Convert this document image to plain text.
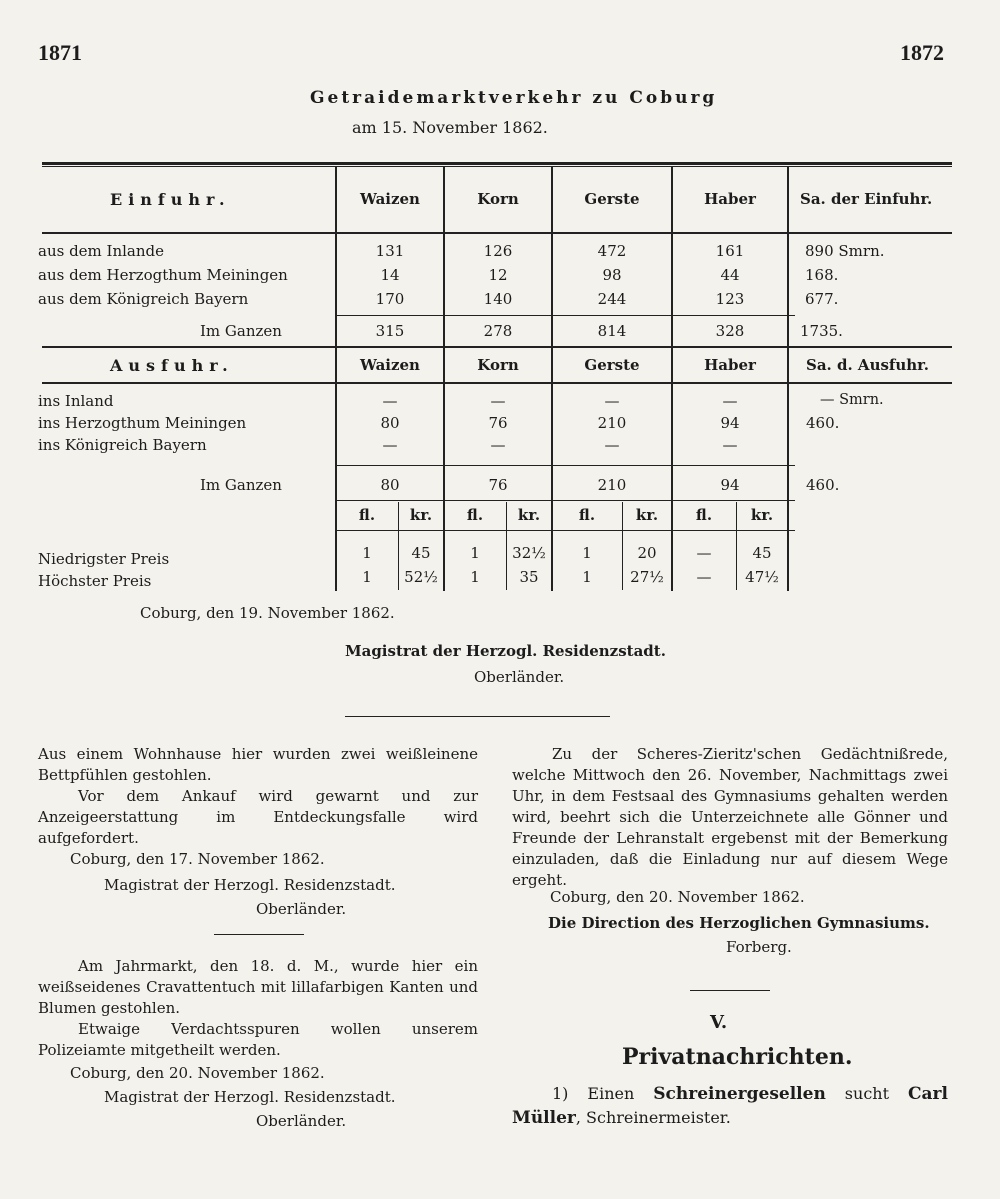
1871	1872
Getraidemarktverkehr zu Coburg
am 15. November 1862.
Einfuhr.	Waizen	Korn	Gerste	Haber	Sa. der Einfuhr.
aus dem Inlande	131	126	472	161	890 Smrn.
aus dem Herzogthum Meiningen	14	12	98	44	168.
aus dem Königreich Bayern	170	140	244	123	677.
Im Ganzen	315	278	814	328	1735.
Ausfuhr.	Waizen	Korn	Gerste	Haber	Sa. d. Ausfuhr.
ins Inland	—	—	—	—	— Smrn.
ins Herzogthum Meiningen	80	76	210	94	460.
ins Königreich Bayern	—	—	—	—
Im Ganzen	80	76	210	94	460.
fl.	kr.	fl.	kr.	fl.	kr.	fl.	kr.
Niedrigster Preis	1	45	1	32½	1	20	—	45
Höchster Preis	1	52½	1	35	1	27½	—	47½
Coburg, den 19. November 1862.
Magistrat der Herzogl. Residenzstadt.
Oberländer.
Aus einem Wohnhause hier wurden zwei weißleinene Bettpfühlen gestohlen.
Vor dem Ankauf wird gewarnt und zur Anzeigeerstattung im Entdeckungsfalle wird aufgefordert.
Coburg, den 17. November 1862.
Magistrat der Herzogl. Residenzstadt.
Oberländer.
Am Jahrmarkt, den 18. d. M., wurde hier ein weißseidenes Cravattentuch mit lillafarbigen Kanten und Blumen gestohlen.
Etwaige Verdachtsspuren wollen unserem Polizeiamte mitgetheilt werden.
Coburg, den 20. November 1862.
Magistrat der Herzogl. Residenzstadt.
Oberländer.
Zu der Scheres-Zieritz'schen Gedächtnißrede, welche Mittwoch den 26. November, Nachmittags zwei Uhr, in dem Festsaal des Gymnasiums gehalten werden wird, beehrt sich die Unterzeichnete alle Gönner und Freunde der Lehranstalt ergebenst mit der Bemerkung einzuladen, daß die Einladung nur auf diesem Wege ergeht.
Coburg, den 20. November 1862.
Die Direction des Herzoglichen Gymnasiums.
Forberg.
V.
Privatnachrichten.
1) Einen Schreinergesellen sucht Carl Müller, Schreinermeister.
